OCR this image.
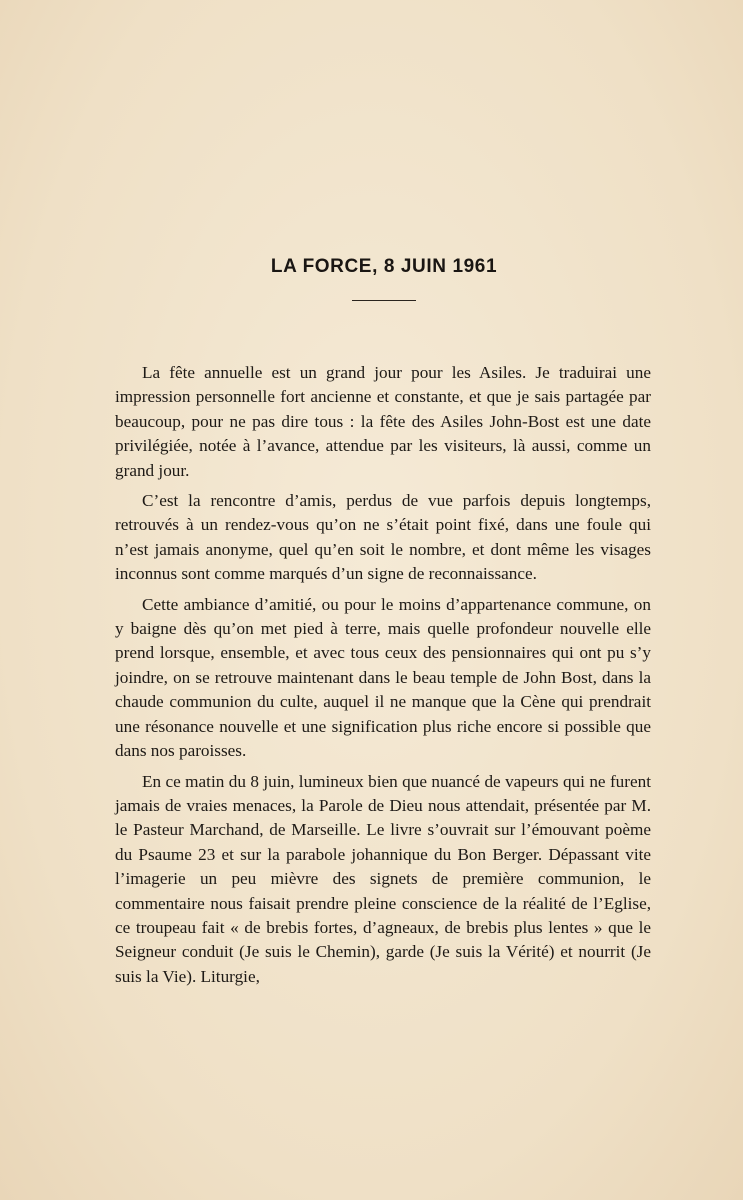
LA FORCE, 8 JUIN 1961

La fête annuelle est un grand jour pour les Asiles. Je traduirai une impression personnelle fort ancienne et constante, et que je sais partagée par beaucoup, pour ne pas dire tous : la fête des Asiles John-Bost est une date privilégiée, notée à l’avance, attendue par les visiteurs, là aussi, comme un grand jour.

C’est la rencontre d’amis, perdus de vue parfois depuis longtemps, retrouvés à un rendez-vous qu’on ne s’était point fixé, dans une foule qui n’est jamais anonyme, quel qu’en soit le nombre, et dont même les visages inconnus sont comme marqués d’un signe de reconnaissance.

Cette ambiance d’amitié, ou pour le moins d’appartenance commune, on y baigne dès qu’on met pied à terre, mais quelle profondeur nouvelle elle prend lorsque, ensemble, et avec tous ceux des pensionnaires qui ont pu s’y joindre, on se retrouve maintenant dans le beau temple de John Bost, dans la chaude communion du culte, auquel il ne manque que la Cène qui prendrait une résonance nouvelle et une signification plus riche encore si possible que dans nos paroisses.

En ce matin du 8 juin, lumineux bien que nuancé de vapeurs qui ne furent jamais de vraies menaces, la Parole de Dieu nous attendait, présentée par M. le Pasteur Marchand, de Marseille. Le livre s’ouvrait sur l’émouvant poème du Psaume 23 et sur la parabole johannique du Bon Berger. Dépassant vite l’imagerie un peu mièvre des signets de première communion, le commentaire nous faisait prendre pleine conscience de la réalité de l’Eglise, ce troupeau fait « de brebis fortes, d’agneaux, de brebis plus lentes » que le Seigneur conduit (Je suis le Chemin), garde (Je suis la Vérité) et nourrit (Je suis la Vie). Liturgie,
